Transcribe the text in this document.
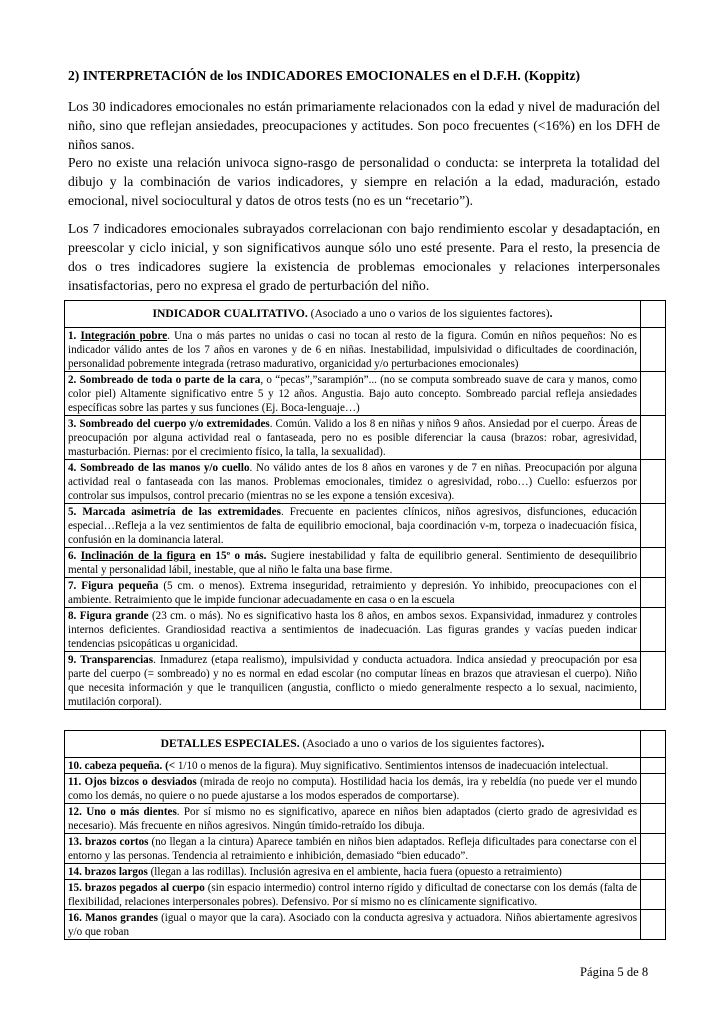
2) INTERPRETACIÓN de los INDICADORES EMOCIONALES en el D.F.H. (Koppitz)
Los 30 indicadores emocionales no están primariamente relacionados con la edad y nivel de maduración del niño, sino que reflejan ansiedades, preocupaciones y actitudes. Son poco frecuentes (<16%) en los DFH de niños sanos.
Pero no existe una relación univoca signo-rasgo de personalidad o conducta: se interpreta la totalidad del dibujo y la combinación de varios indicadores, y siempre en relación a la edad, maduración, estado emocional, nivel sociocultural y datos de otros tests (no es un “recetario”).
Los 7 indicadores emocionales subrayados correlacionan con bajo rendimiento escolar y desadaptación, en preescolar y ciclo inicial, y son significativos aunque sólo uno esté presente. Para el resto, la presencia de dos o tres indicadores sugiere la existencia de problemas emocionales y relaciones interpersonales insatisfactorias, pero no expresa el grado de perturbación del niño.
INDICADOR CUALITATIVO. (Asociado a uno o varios de los siguientes factores).	
1. Integración pobre. Una o más partes no unidas o casi no tocan al resto de la figura. Común en niños pequeños: No es indicador válido antes de los 7 años en varones y de 6 en niñas. Inestabilidad, impulsividad o dificultades de coordinación, personalidad pobremente integrada (retraso madurativo, organicidad y/o perturbaciones emocionales)	
2. Sombreado de toda o parte de la cara, o “pecas”,”sarampión”... (no se computa sombreado suave de cara y manos, como color piel) Altamente significativo entre 5 y 12 años. Angustia. Bajo auto concepto. Sombreado parcial refleja ansiedades específicas sobre las partes y sus funciones (Ej. Boca-lenguaje…)	
3. Sombreado del cuerpo y/o extremidades. Común. Valido a los 8 en niñas y niños 9 años. Ansiedad por el cuerpo. Áreas de preocupación por alguna actividad real o fantaseada, pero no es posible diferenciar la causa (brazos: robar, agresividad, masturbación. Piernas: por el crecimiento físico, la talla, la sexualidad).	
4. Sombreado de las manos y/o cuello. No válido antes de los 8 años en varones y de 7 en niñas. Preocupación por alguna actividad real o fantaseada con las manos. Problemas emocionales, timidez o agresividad, robo…) Cuello: esfuerzos por controlar sus impulsos, control precario (mientras no se les expone a tensión excesiva).	
5. Marcada asimetría de las extremidades. Frecuente en pacientes clínicos, niños agresivos, disfunciones, educación especial…Refleja a la vez sentimientos de falta de equilibrio emocional, baja coordinación v-m, torpeza o inadecuación física, confusión en la dominancia lateral.	
6. Inclinación de la figura en 15º o más. Sugiere inestabilidad y falta de equilibrio general. Sentimiento de desequilibrio mental y personalidad lábil, inestable, que al niño le falta una base firme.	
7. Figura pequeña (5 cm. o menos). Extrema inseguridad, retraimiento y depresión. Yo inhibido, preocupaciones con el ambiente. Retraimiento que le impide funcionar adecuadamente en casa o en la escuela	
8. Figura grande (23 cm. o más). No es significativo hasta los 8 años, en ambos sexos. Expansividad, inmadurez y controles internos deficientes. Grandiosidad reactiva a sentimientos de inadecuación. Las figuras grandes y vacías pueden indicar tendencias psicopáticas u organicidad.	
9. Transparencias. Inmadurez (etapa realismo), impulsividad y conducta actuadora. Indica ansiedad y preocupación por esa parte del cuerpo (= sombreado) y no es normal en edad escolar (no computar líneas en brazos que atraviesan el cuerpo). Niño que necesita información y que le tranquilicen (angustia, conflicto o miedo generalmente respecto a lo sexual, nacimiento, mutilación corporal).	
DETALLES ESPECIALES. (Asociado a uno o varios de los siguientes factores).	
10. cabeza pequeña. (< 1/10 o menos de la figura). Muy significativo. Sentimientos intensos de inadecuación intelectual.	
11. Ojos bizcos o desviados (mirada de reojo no computa). Hostilidad hacia los demás, ira y rebeldía (no puede ver el mundo como los demás, no quiere o no puede ajustarse a los modos esperados de comportarse).	
12. Uno o más dientes. Por sí mismo no es significativo, aparece en niños bien adaptados (cierto grado de agresividad es necesario). Más frecuente en niños agresivos. Ningún tímido-retraído los dibuja.	
13. brazos cortos (no llegan a la cintura) Aparece también en niños bien adaptados. Refleja dificultades para conectarse con el entorno y las personas. Tendencia al retraimiento e inhibición, demasiado “bien educado”.	
14. brazos largos (llegan a las rodillas). Inclusión agresiva en el ambiente, hacia fuera (opuesto a retraimiento)	
15. brazos pegados al cuerpo (sin espacio intermedio) control interno rígido y dificultad de conectarse con los demás (falta de flexibilidad, relaciones interpersonales pobres). Defensivo. Por sí mismo no es clínicamente significativo.	
16. Manos grandes (igual o mayor que la cara). Asociado con la conducta agresiva y actuadora. Niños abiertamente agresivos y/o que roban	
Página 5 de 8
